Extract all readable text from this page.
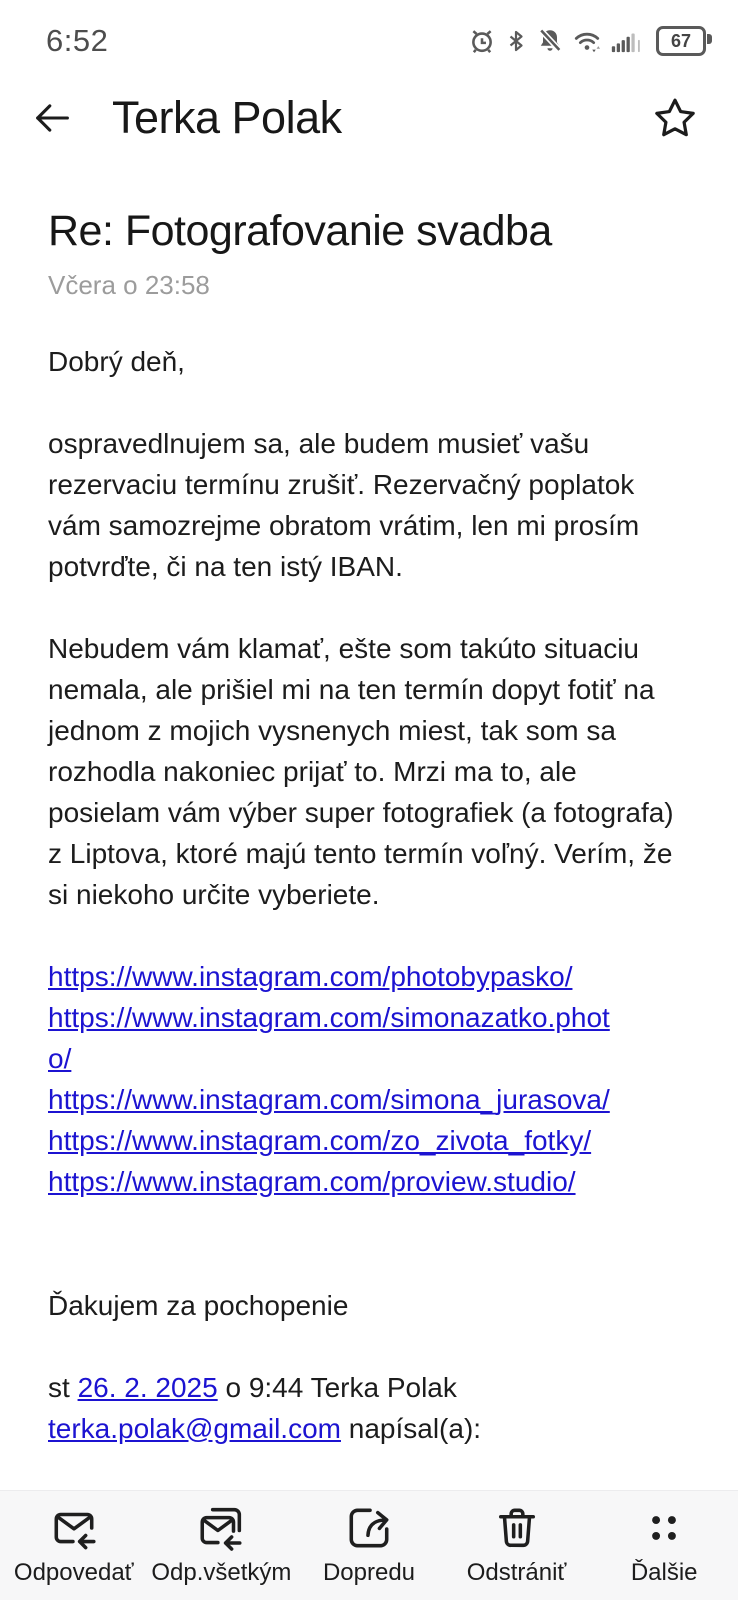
6:52	67
Terka Polak
Re: Fotografovanie svadba
Včera o 23:58

Dobrý deň,

ospravedlnujem sa, ale budem musieť vašu rezervaciu termínu zrušiť. Rezervačný poplatok vám samozrejme obratom vrátim, len mi prosím potvrďte, či na ten istý IBAN.

Nebudem vám klamať, ešte som takúto situaciu nemala, ale prišiel mi na ten termín dopyt fotiť na jednom z mojich vysnenych miest, tak som sa rozhodla nakoniec prijať to. Mrzi ma to, ale posielam vám výber super fotografiek (a fotografa) z Liptova, ktoré majú tento termín voľný. Verím, že si niekoho určite vyberiete.

https://www.instagram.com/photobypasko/
https://www.instagram.com/simonazatko.photo/
https://www.instagram.com/simona_jurasova/
https://www.instagram.com/zo_zivota_fotky/
https://www.instagram.com/proview.studio/

Ďakujem za pochopenie

st 26. 2. 2025 o 9:44 Terka Polak

terka.polak@gmail.com napísal(a):

Odpovedať Odp.všetkým Dopredu Odstrániť	Ďalšie
